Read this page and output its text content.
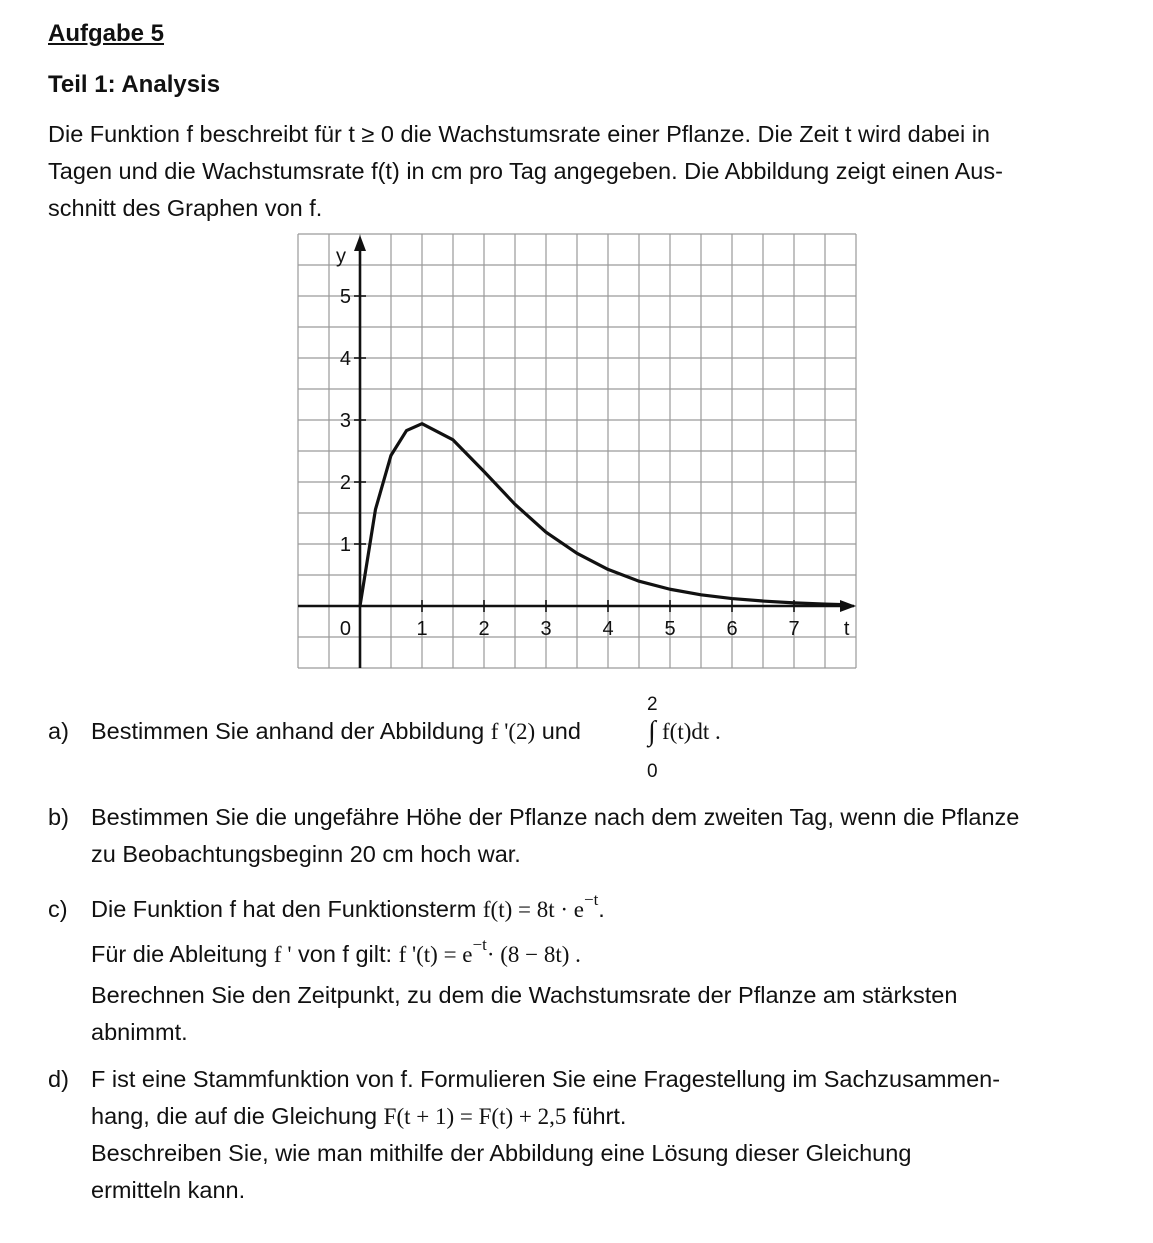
Aufgabe 5
Teil 1: Analysis
Die Funktion f beschreibt für t ≥ 0 die Wachstumsrate einer Pflanze. Die Zeit t wird dabei in
Tagen und die Wachstumsrate f(t) in cm pro Tag angegeben. Die Abbildung zeigt einen Aus-
schnitt des Graphen von f.
1	2	3	4	5	6	7
1
2
3
4
5
0	t
y
a) Bestimmen Sie anhand der Abbildung f '(2) und
2
∫
0
f(t)dt .
b) Bestimmen Sie die ungefähre Höhe der Pflanze nach dem zweiten Tag, wenn die Pflanze
zu Beobachtungsbeginn 20 cm hoch war.
c) Die Funktion f hat den Funktionsterm $f(t) = 8t \cdot e^{-t}$.
Für die Ableitung f ' von f gilt: f '$(t) = e^{-t}\cdot (8 - 8t)$ .
Berechnen Sie den Zeitpunkt, zu dem die Wachstumsrate der Pflanze am stärksten
abnimmt.
d) F ist eine Stammfunktion von f. Formulieren Sie eine Fragestellung im Sachzusammen-
hang, die auf die Gleichung F(t + 1) = F(t) + 2,5 führt.
Beschreiben Sie, wie man mithilfe der Abbildung eine Lösung dieser Gleichung
ermitteln kann.
